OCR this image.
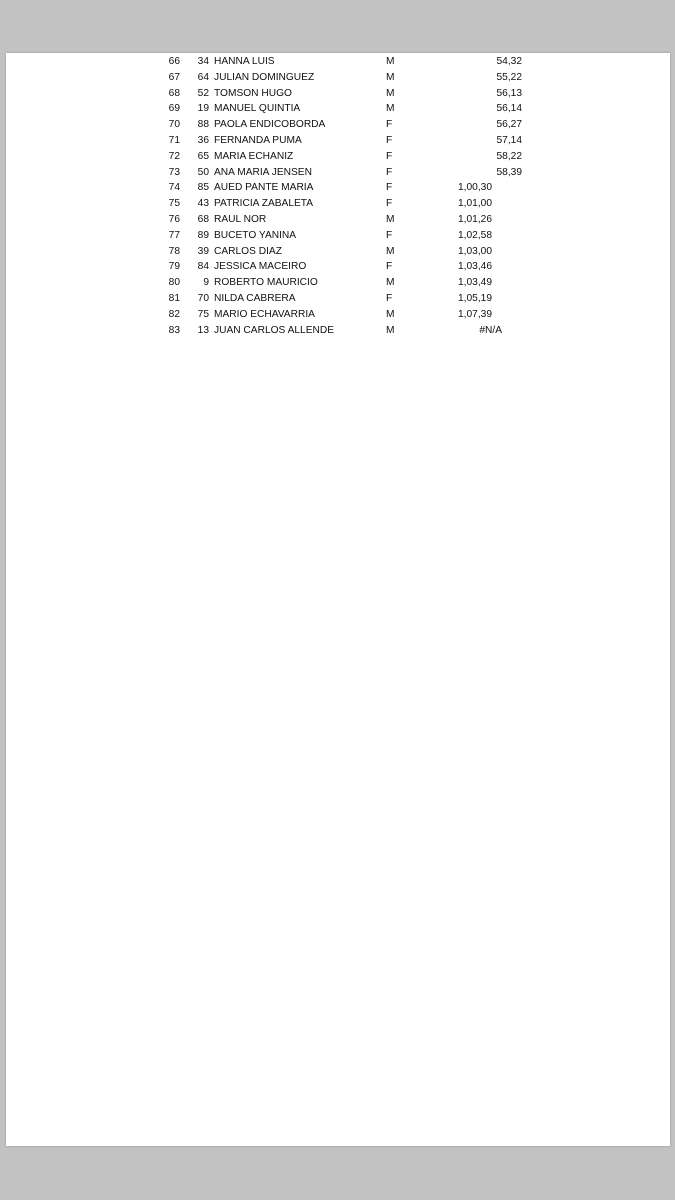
66	34 HANNA LUIS	M	54,32
67	64 JULIAN DOMINGUEZ	M	55,22
68	52 TOMSON HUGO	M	56,13
69	19 MANUEL QUINTIA	M	56,14
70	88 PAOLA ENDICOBORDA	F	56,27
71	36 FERNANDA PUMA	F	57,14
72	65 MARIA ECHANIZ	F	58,22
73	50 ANA MARIA JENSEN	F	58,39
74	85 AUED PANTE MARIA	F	1,00,30
75	43 PATRICIA ZABALETA	F	1,01,00
76	68 RAUL NOR	M	1,01,26
77	89 BUCETO YANINA	F	1,02,58
78	39 CARLOS DIAZ	M	1,03,00
79	84 JESSICA MACEIRO	F	1,03,46
80	9 ROBERTO MAURICIO	M	1,03,49
81	70 NILDA CABRERA	F	1,05,19
82	75 MARIO ECHAVARRIA	M	1,07,39
83	13 JUAN CARLOS ALLENDE	M	#N/A
